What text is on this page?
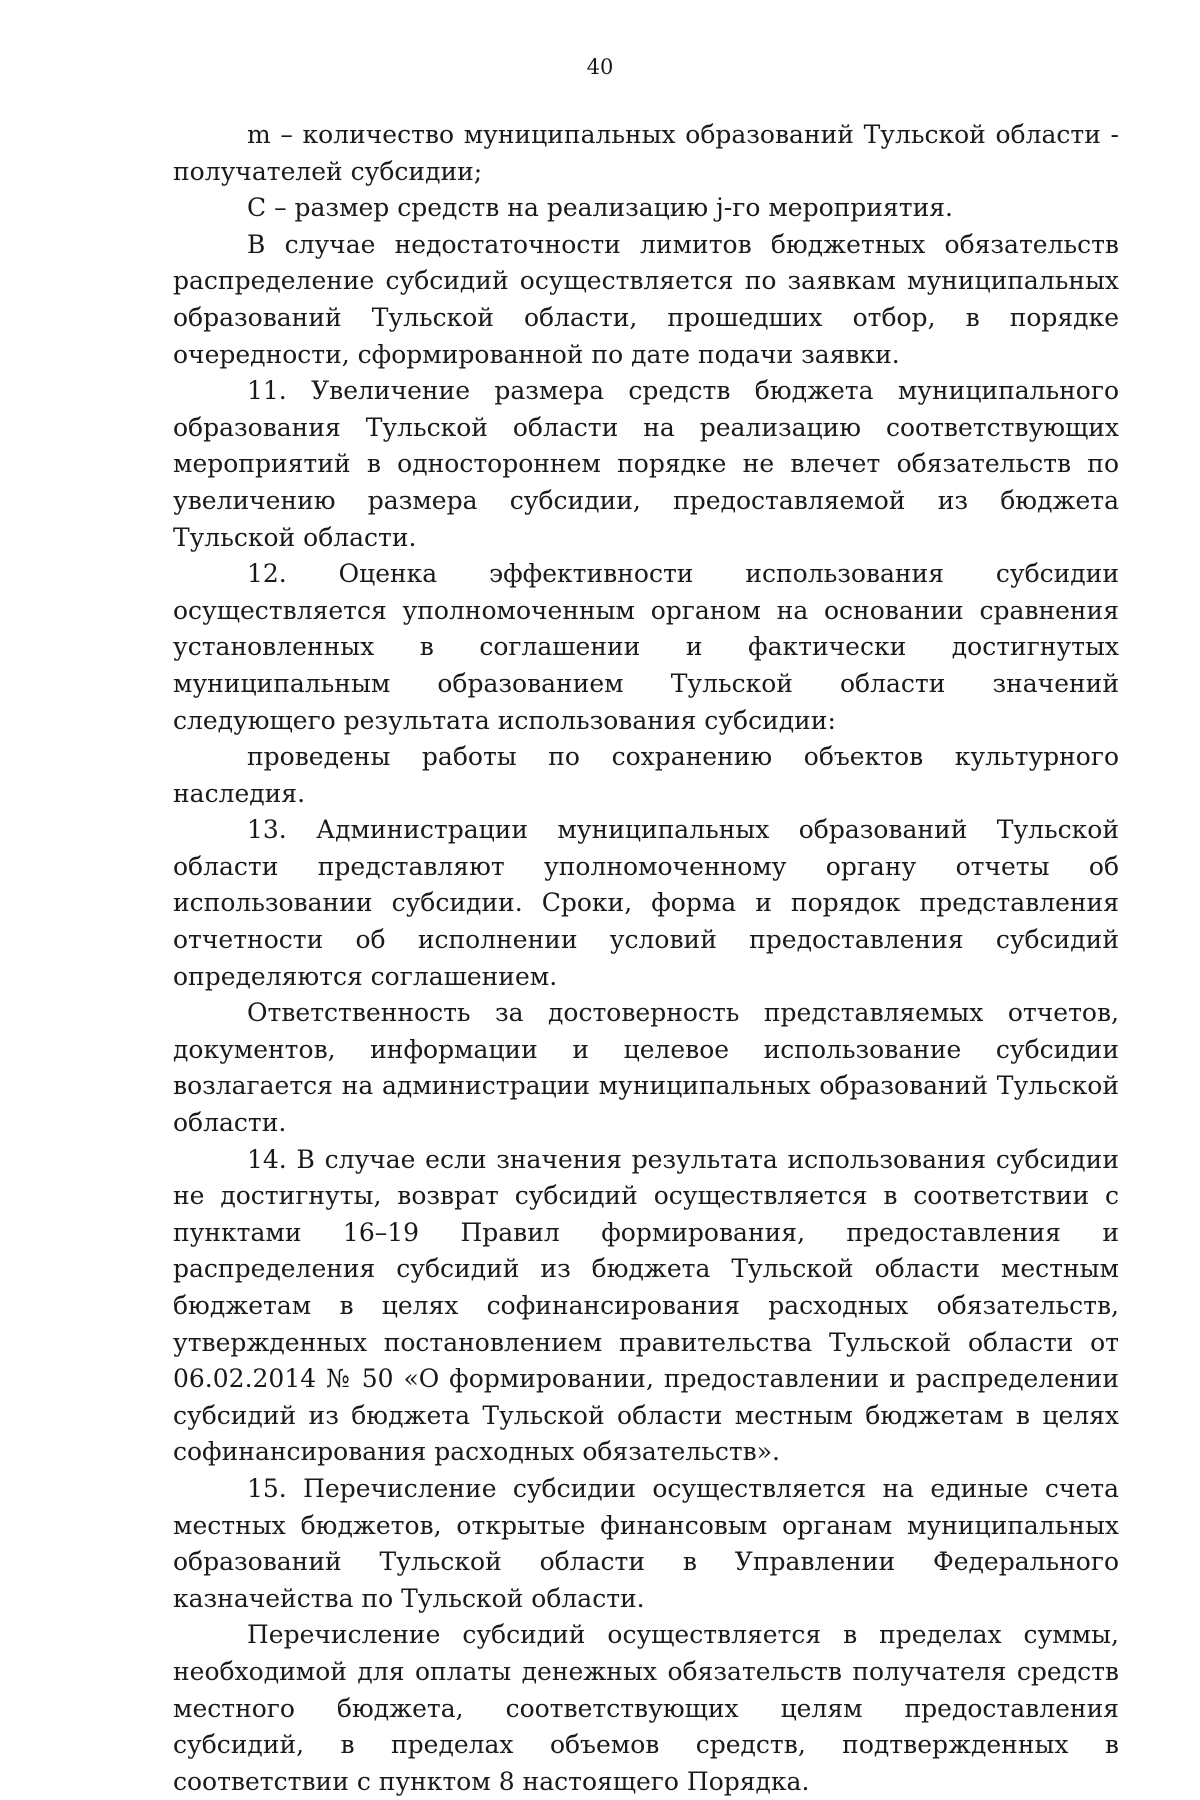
40

m – количество муниципальных образований Тульской области - получателей субсидии;

С – размер средств на реализацию j-го мероприятия.

В случае недостаточности лимитов бюджетных обязательств распределение субсидий осуществляется по заявкам муниципальных образований Тульской области, прошедших отбор, в порядке очередности, сформированной по дате подачи заявки.

11. Увеличение размера средств бюджета муниципального образования Тульской области на реализацию соответствующих мероприятий в одностороннем порядке не влечет обязательств по увеличению размера субсидии, предоставляемой из бюджета Тульской области.

12. Оценка эффективности использования субсидии осуществляется уполномоченным органом на основании сравнения установленных в соглашении и фактически достигнутых муниципальным образованием Тульской области значений следующего результата использования субсидии:

проведены работы по сохранению объектов культурного наследия.

13. Администрации муниципальных образований Тульской области представляют уполномоченному органу отчеты об использовании субсидии. Сроки, форма и порядок представления отчетности об исполнении условий предоставления субсидий определяются соглашением.

Ответственность за достоверность представляемых отчетов, документов, информации и целевое использование субсидии возлагается на администрации муниципальных образований Тульской области.

14. В случае если значения результата использования субсидии не достигнуты, возврат субсидий осуществляется в соответствии с пунктами 16–19 Правил формирования, предоставления и распределения субсидий из бюджета Тульской области местным бюджетам в целях софинансирования расходных обязательств, утвержденных постановлением правительства Тульской области от 06.02.2014 № 50 «О формировании, предоставлении и распределении субсидий из бюджета Тульской области местным бюджетам в целях софинансирования расходных обязательств».

15. Перечисление субсидии осуществляется на единые счета местных бюджетов, открытые финансовым органам муниципальных образований Тульской области в Управлении Федерального казначейства по Тульской области.

Перечисление субсидий осуществляется в пределах суммы, необходимой для оплаты денежных обязательств получателя средств местного бюджета, соответствующих целям предоставления субсидий, в пределах объемов средств, подтвержденных в соответствии с пунктом 8 настоящего Порядка.
